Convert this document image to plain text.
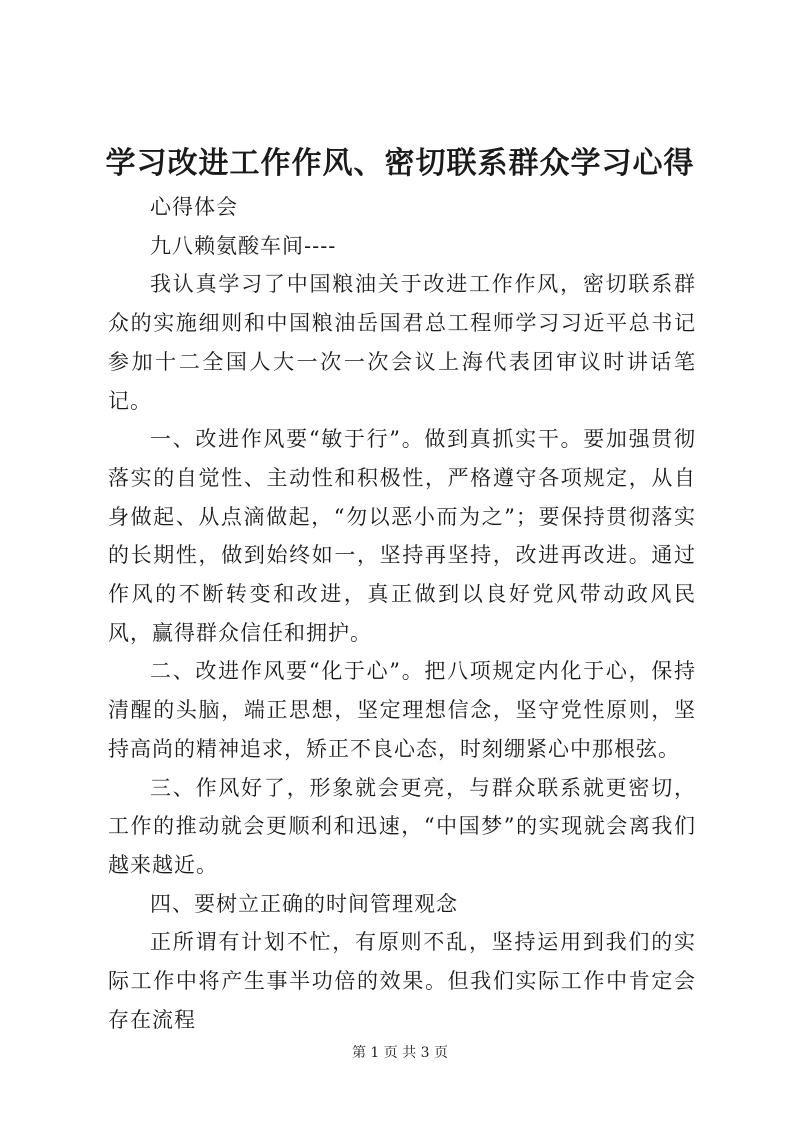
学习改进工作作风、密切联系群众学习心得

心得体会

九八赖氨酸车间----

我认真学习了中国粮油关于改进工作作风，密切联系群众的实施细则和中国粮油岳国君总工程师学习习近平总书记参加十二全国人大一次一次会议上海代表团审议时讲话笔记。

一、改进作风要“敏于行”。做到真抓实干。要加强贯彻落实的自觉性、主动性和积极性，严格遵守各项规定，从自身做起、从点滴做起，“勿以恶小而为之”；要保持贯彻落实的长期性，做到始终如一，坚持再坚持，改进再改进。通过作风的不断转变和改进，真正做到以良好党风带动政风民风，赢得群众信任和拥护。

二、改进作风要“化于心”。把八项规定内化于心，保持清醒的头脑，端正思想，坚定理想信念，坚守党性原则，坚持高尚的精神追求，矫正不良心态，时刻绷紧心中那根弦。

三、作风好了，形象就会更亮，与群众联系就更密切，工作的推动就会更顺利和迅速，“中国梦”的实现就会离我们越来越近。

四、要树立正确的时间管理观念

正所谓有计划不忙，有原则不乱，坚持运用到我们的实际工作中将产生事半功倍的效果。但我们实际工作中肯定会存在流程

第 1 页 共 3 页
